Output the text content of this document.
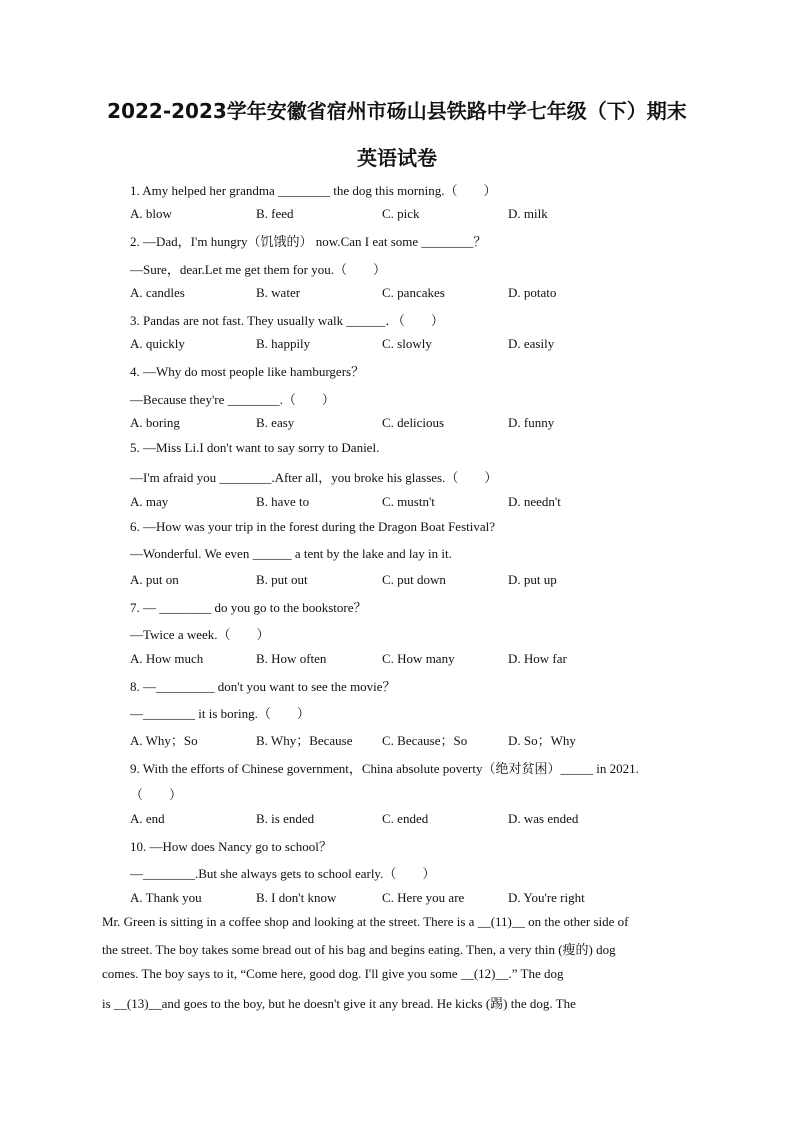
2022-2023学年安徽省宿州市砀山县铁路中学七年级（下）期末
英语试卷
1. Amy helped her grandma ________ the dog this morning.（　　）
A. blow	B. feed	C. pick	D. milk
2. —Dad，I'm hungry（饥饿的） now.Can I eat some ________？
—Sure，dear.Let me get them for you.（　　）
A. candles	B. water	C. pancakes	D. potato
3. Pandas are not fast. They usually walk ______．（　　）
A. quickly	B. happily	C. slowly	D. easily
4. —Why do most people like hamburgers？
—Because they're ________.（　　）
A. boring	B. easy	C. delicious	D. funny
5. —Miss Li.I don't want to say sorry to Daniel.
—I'm afraid you ________.After all，you broke his glasses.（　　）
A. may	B. have to	C. mustn't	D. needn't
6. —How was your trip in the forest during the Dragon Boat Festival?
—Wonderful. We even ______ a tent by the lake and lay in it.
A. put on	B. put out	C. put down	D. put up
7. — ________ do you go to the bookstore？
—Twice a week.（　　）
A. How much	B. How often	C. How many	D. How far
8. —_________ don't you want to see the movie？
—________ it is boring.（　　）
A. Why；So	B. Why；Because C. Because；So	D. So；Why
9. With the efforts of Chinese government，China absolute poverty（绝对贫困）_____ in 2021.
（　　）
A. end	B. is ended	C. ended	D. was ended
10. —How does Nancy go to school？
—________.But she always gets to school early.（　　）
A. Thank you	B. I don't know	C. Here you are	D. You're right
Mr. Green is sitting in a coffee shop and looking at the street. There is a __(11)__ on the other side of
the street. The boy takes some bread out of his bag and begins eating. Then, a very thin (瘦的) dog
comes. The boy says to it, “Come here, good dog. I'll give you some __(12)__.” The dog
is __(13)__and goes to the boy, but he doesn't give it any bread. He kicks (踢) the dog. The
